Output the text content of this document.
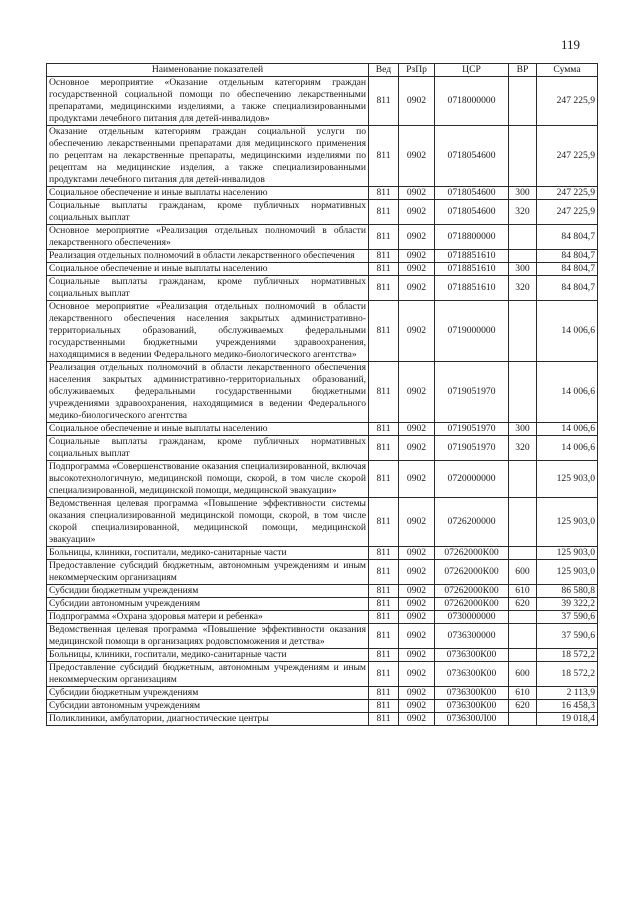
119
Наименование показателей	Вед	РзПр	ЦСР	ВР	Сумма
Основное мероприятие «Оказание отдельным категориям граждан государственной социальной помощи по обеспечению лекарственными препаратами, медицинскими изделиями, а также специализированными продуктами лечебного питания для детей-инвалидов»	811	0902	0718000000		247 225,9
Оказание отдельным категориям граждан социальной услуги по обеспечению лекарственными препаратами для медицинского применения по рецептам на лекарственные препараты, медицинскими изделиями по рецептам на медицинские изделия, а также специализированными продуктами лечебного питания для детей-инвалидов	811	0902	0718054600		247 225,9
Социальное обеспечение и иные выплаты населению	811	0902	0718054600	300	247 225,9
Социальные выплаты гражданам, кроме публичных нормативных социальных выплат	811	0902	0718054600	320	247 225,9
Основное мероприятие «Реализация отдельных полномочий в области лекарственного обеспечения»	811	0902	0718800000		84 804,7
Реализация отдельных полномочий в области лекарственного обеспечения	811	0902	0718851610		84 804,7
Социальное обеспечение и иные выплаты населению	811	0902	0718851610	300	84 804,7
Социальные выплаты гражданам, кроме публичных нормативных социальных выплат	811	0902	0718851610	320	84 804,7
Основное мероприятие «Реализация отдельных полномочий в области лекарственного обеспечения населения закрытых административно-территориальных образований, обслуживаемых федеральными государственными бюджетными учреждениями здравоохранения, находящимися в ведении Федерального медико-биологического агентства»	811	0902	0719000000		14 006,6
Реализация отдельных полномочий в области лекарственного обеспечения населения закрытых административно-территориальных образований, обслуживаемых федеральными государственными бюджетными учреждениями здравоохранения, находящимися в ведении Федерального медико-биологического агентства	811	0902	0719051970		14 006,6
Социальное обеспечение и иные выплаты населению	811	0902	0719051970	300	14 006,6
Социальные выплаты гражданам, кроме публичных нормативных социальных выплат	811	0902	0719051970	320	14 006,6
Подпрограмма «Совершенствование оказания специализированной, включая высокотехнологичную, медицинской помощи, скорой, в том числе скорой специализированной, медицинской помощи, медицинской эвакуации»	811	0902	0720000000		125 903,0
Ведомственная целевая программа «Повышение эффективности системы оказания специализированной медицинской помощи, скорой, в том числе скорой специализированной, медицинской помощи, медицинской эвакуации»	811	0902	0726200000		125 903,0
Больницы, клиники, госпитали, медико-санитарные части	811	0902	07262000К00		125 903,0
Предоставление субсидий бюджетным, автономным учреждениям и иным некоммерческим организациям	811	0902	07262000К00	600	125 903,0
Субсидии бюджетным учреждениям	811	0902	07262000К00	610	86 580,8
Субсидии автономным учреждениям	811	0902	07262000К00	620	39 322,2
Подпрограмма «Охрана здоровья матери и ребенка»	811	0902	0730000000		37 590,6
Ведомственная целевая программа «Повышение эффективности оказания медицинской помощи в организациях родовспоможения и детства»	811	0902	0736300000		37 590,6
Больницы, клиники, госпитали, медико-санитарные части	811	0902	0736300К00		18 572,2
Предоставление субсидий бюджетным, автономным учреждениям и иным некоммерческим организациям	811	0902	0736300К00	600	18 572,2
Субсидии бюджетным учреждениям	811	0902	0736300К00	610	2 113,9
Субсидии автономным учреждениям	811	0902	0736300К00	620	16 458,3
Поликлиники, амбулатории, диагностические центры	811	0902	0736300Л00		19 018,4
